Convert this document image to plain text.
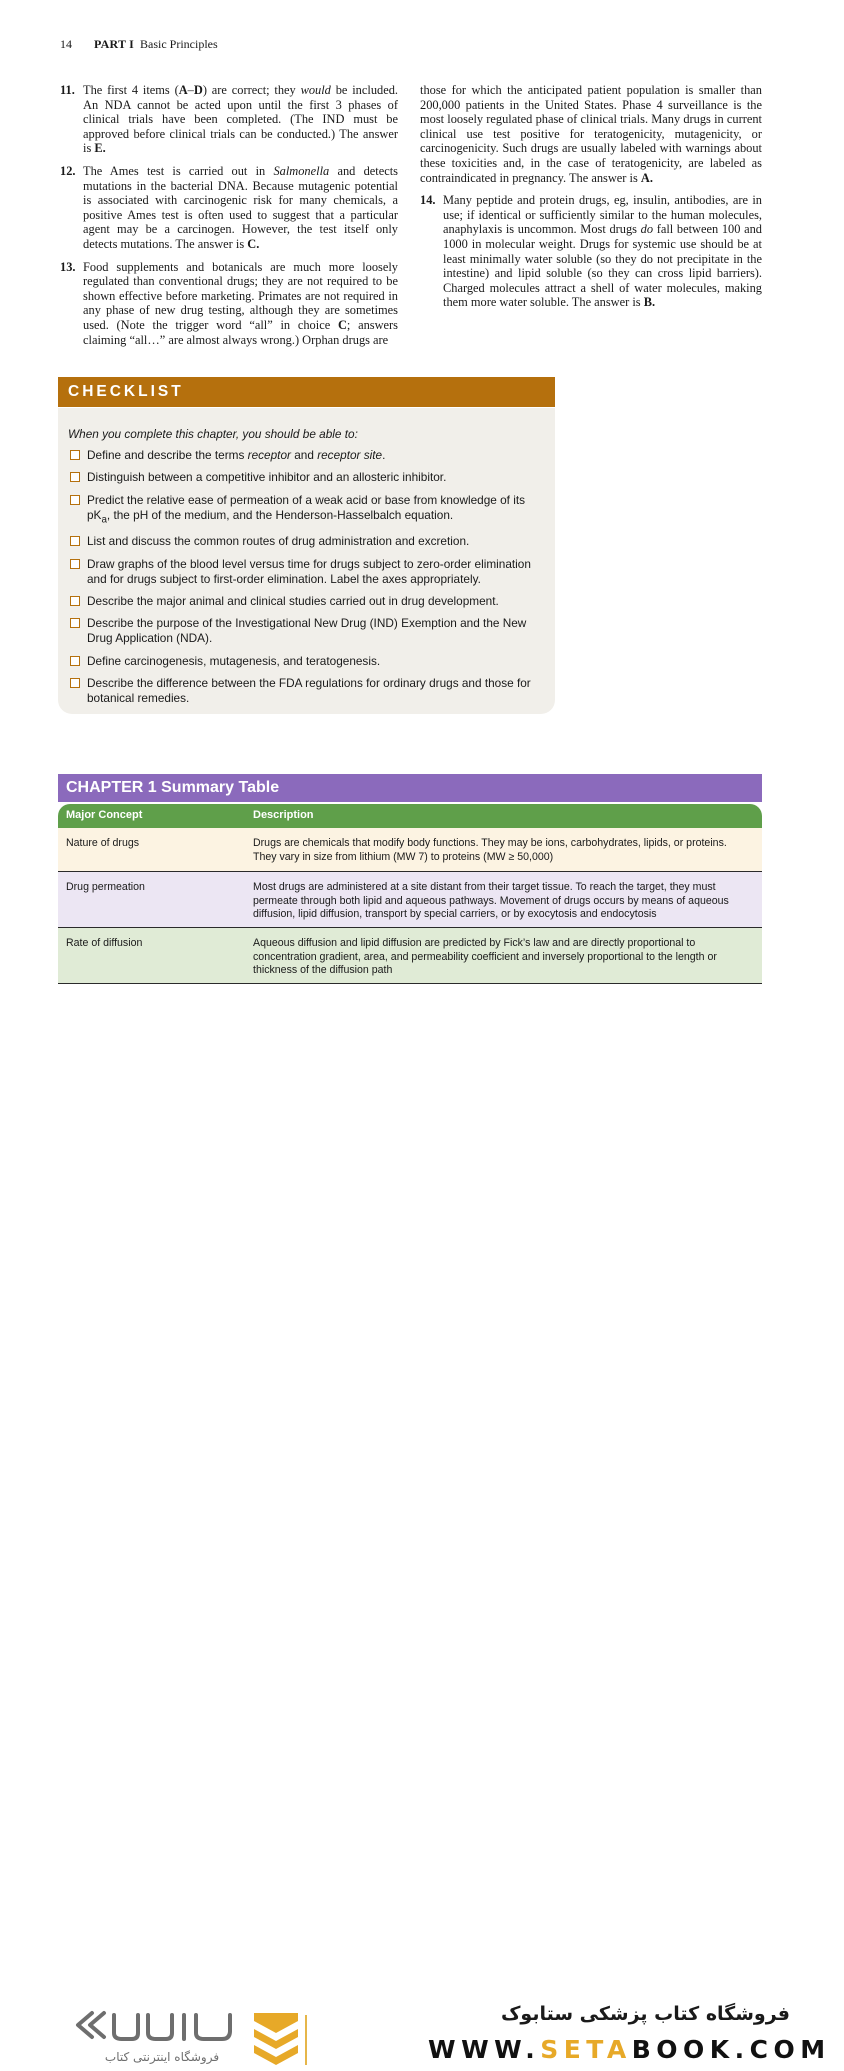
14 PART I Basic Principles
11. The first 4 items (A–D) are correct; they would be included. An NDA cannot be acted upon until the first 3 phases of clinical trials have been completed. (The IND must be approved before clinical trials can be conducted.) The answer is E.
12. The Ames test is carried out in Salmonella and detects mutations in the bacterial DNA. Because mutagenic potential is associated with carcinogenic risk for many chemicals, a positive Ames test is often used to suggest that a particular agent may be a carcinogen. However, the test itself only detects mutations. The answer is C.
13. Food supplements and botanicals are much more loosely regulated than conventional drugs; they are not required to be shown effective before marketing. Primates are not required in any phase of new drug testing, although they are sometimes used. (Note the trigger word “all” in choice C; answers claiming “all…” are almost always wrong.) Orphan drugs are
those for which the anticipated patient population is smaller than 200,000 patients in the United States. Phase 4 surveillance is the most loosely regulated phase of clinical trials. Many drugs in current clinical use test positive for teratogenicity, mutagenicity, or carcinogenicity. Such drugs are usually labeled with warnings about these toxicities and, in the case of teratogenicity, are labeled as contraindicated in pregnancy. The answer is A.
14. Many peptide and protein drugs, eg, insulin, antibodies, are in use; if identical or sufficiently similar to the human molecules, anaphylaxis is uncommon. Most drugs do fall between 100 and 1000 in molecular weight. Drugs for systemic use should be at least minimally water soluble (so they do not precipitate in the intestine) and lipid soluble (so they can cross lipid barriers). Charged molecules attract a shell of water molecules, making them more water soluble. The answer is B.
CHECKLIST
When you complete this chapter, you should be able to:
Define and describe the terms receptor and receptor site.
Distinguish between a competitive inhibitor and an allosteric inhibitor.
Predict the relative ease of permeation of a weak acid or base from knowledge of its $pK_a$, the pH of the medium, and the Henderson-Hasselbalch equation.
List and discuss the common routes of drug administration and excretion.
Draw graphs of the blood level versus time for drugs subject to zero-order elimination and for drugs subject to first-order elimination. Label the axes appropriately.
Describe the major animal and clinical studies carried out in drug development.
Describe the purpose of the Investigational New Drug (IND) Exemption and the New Drug Application (NDA).
Define carcinogenesis, mutagenesis, and teratogenesis.
Describe the difference between the FDA regulations for ordinary drugs and those for botanical remedies.
CHAPTER 1 Summary Table
Major Concept	Description
Nature of drugs	Drugs are chemicals that modify body functions. They may be ions, carbohydrates, lipids, or proteins. They vary in size from lithium (MW 7) to proteins (MW ≥ 50,000)
Drug permeation	Most drugs are administered at a site distant from their target tissue. To reach the target, they must permeate through both lipid and aqueous pathways. Movement of drugs occurs by means of aqueous diffusion, lipid diffusion, transport by special carriers, or by exocytosis and endocytosis
Rate of diffusion	Aqueous diffusion and lipid diffusion are predicted by Fick’s law and are directly proportional to concentration gradient, area, and permeability coefficient and inversely proportional to the length or thickness of the diffusion path
فروشگاه اینترنتی کتاب
فروشگاه کتاب پزشکی ستابوک
WWW.SETABOOK.COM
